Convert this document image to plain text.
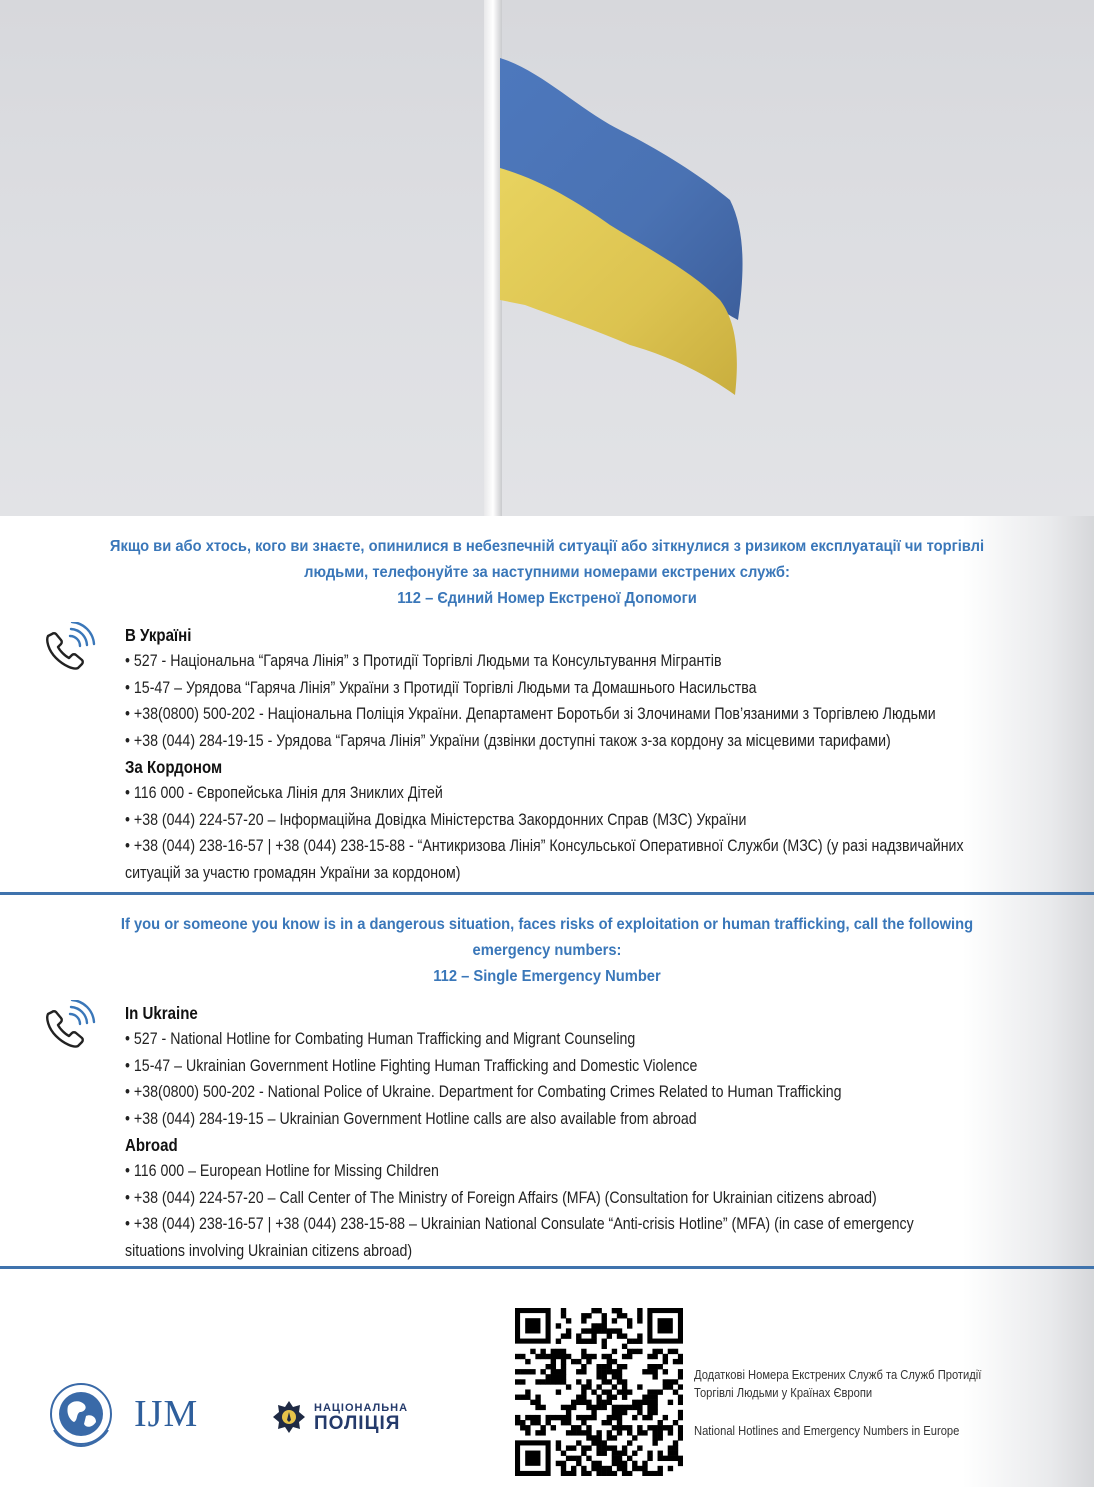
Якщо ви або хтось, кого ви знаєте, опинилися в небезпечній ситуації або зіткнулися з ризиком експлуатації чи торгівлі
людьми, телефонуйте за наступними номерами екстрених служб:
112 – Єдиний Номер Екстреної Допомоги
В Україні
• 527 - Національна “Гаряча Лінія” з Протидії Торгівлі Людьми та Консультування Мігрантів
• 15-47 – Урядова “Гаряча Лінія” України з Протидії Торгівлі Людьми та Домашнього Насильства
• +38(0800) 500-202 - Національна Поліція України. Департамент Боротьби зі Злочинами Пов’язаними з Торгівлею Людьми
• +38 (044) 284-19-15 - Урядова “Гаряча Лінія” України (дзвінки доступні також з-за кордону за місцевими тарифами)
За Кордоном
• 116 000 - Європейська Лінія для Зниклих Дітей
• +38 (044) 224-57-20 – Інформаційна Довідка Міністерства Закордонних Справ (МЗС) України
• +38 (044) 238-16-57 | +38 (044) 238-15-88 - “Антикризова Лінія” Консульської Оперативної Служби (МЗС) (у разі надзвичайних
ситуацій за участю громадян України за кордоном)
If you or someone you know is in a dangerous situation, faces risks of exploitation or human trafficking, call the following
emergency numbers:
112 – Single Emergency Number
In Ukraine
• 527 - National Hotline for Combating Human Trafficking and Migrant Counseling
• 15-47 – Ukrainian Government Hotline Fighting Human Trafficking and Domestic Violence
• +38(0800) 500-202 - National Police of Ukraine. Department for Combating Crimes Related to Human Trafficking
• +38 (044) 284-19-15 – Ukrainian Government Hotline calls are also available from abroad
Abroad
• 116 000 – European Hotline for Missing Children
• +38 (044) 224-57-20 – Call Center of The Ministry of Foreign Affairs (MFA) (Consultation for Ukrainian citizens abroad)
• +38 (044) 238-16-57 | +38 (044) 238-15-88 – Ukrainian National Consulate “Anti-crisis Hotline” (MFA) (in case of emergency
situations involving Ukrainian citizens abroad)
IJM	НАЦІОНАЛЬНА
ПОЛІЦІЯ
Додаткові Номера Екстрених Служб та Служб Протидії
Торгівлі Людьми у Країнах Європи
National Hotlines and Emergency Numbers in Europe
